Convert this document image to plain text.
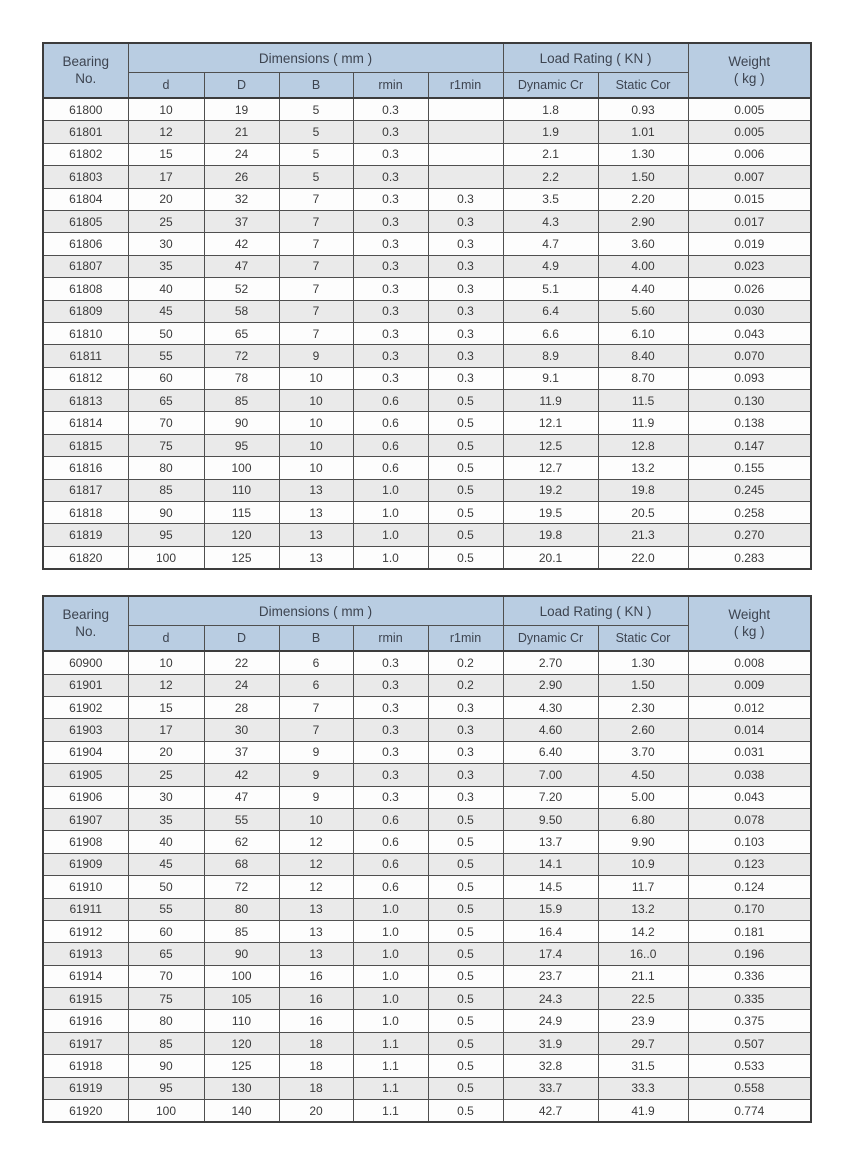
Bearing
No.	Dimensions ( mm )					Load Rating ( KN )		Weight
( kg )
	d	D	B	rmin	r1min	Dynamic Cr	Static Cor	
61800	10	19	5	0.3		1.8	0.93	0.005
61801	12	21	5	0.3		1.9	1.01	0.005
61802	15	24	5	0.3		2.1	1.30	0.006
61803	17	26	5	0.3		2.2	1.50	0.007
61804	20	32	7	0.3	0.3	3.5	2.20	0.015
61805	25	37	7	0.3	0.3	4.3	2.90	0.017
61806	30	42	7	0.3	0.3	4.7	3.60	0.019
61807	35	47	7	0.3	0.3	4.9	4.00	0.023
61808	40	52	7	0.3	0.3	5.1	4.40	0.026
61809	45	58	7	0.3	0.3	6.4	5.60	0.030
61810	50	65	7	0.3	0.3	6.6	6.10	0.043
61811	55	72	9	0.3	0.3	8.9	8.40	0.070
61812	60	78	10	0.3	0.3	9.1	8.70	0.093
61813	65	85	10	0.6	0.5	11.9	11.5	0.130
61814	70	90	10	0.6	0.5	12.1	11.9	0.138
61815	75	95	10	0.6	0.5	12.5	12.8	0.147
61816	80	100	10	0.6	0.5	12.7	13.2	0.155
61817	85	110	13	1.0	0.5	19.2	19.8	0.245
61818	90	115	13	1.0	0.5	19.5	20.5	0.258
61819	95	120	13	1.0	0.5	19.8	21.3	0.270
61820	100	125	13	1.0	0.5	20.1	22.0	0.283
Bearing
No.	Dimensions ( mm )					Load Rating ( KN )		Weight
( kg )
	d	D	B	rmin	r1min	Dynamic Cr	Static Cor	
60900	10	22	6	0.3	0.2	2.70	1.30	0.008
61901	12	24	6	0.3	0.2	2.90	1.50	0.009
61902	15	28	7	0.3	0.3	4.30	2.30	0.012
61903	17	30	7	0.3	0.3	4.60	2.60	0.014
61904	20	37	9	0.3	0.3	6.40	3.70	0.031
61905	25	42	9	0.3	0.3	7.00	4.50	0.038
61906	30	47	9	0.3	0.3	7.20	5.00	0.043
61907	35	55	10	0.6	0.5	9.50	6.80	0.078
61908	40	62	12	0.6	0.5	13.7	9.90	0.103
61909	45	68	12	0.6	0.5	14.1	10.9	0.123
61910	50	72	12	0.6	0.5	14.5	11.7	0.124
61911	55	80	13	1.0	0.5	15.9	13.2	0.170
61912	60	85	13	1.0	0.5	16.4	14.2	0.181
61913	65	90	13	1.0	0.5	17.4	16..0	0.196
61914	70	100	16	1.0	0.5	23.7	21.1	0.336
61915	75	105	16	1.0	0.5	24.3	22.5	0.335
61916	80	110	16	1.0	0.5	24.9	23.9	0.375
61917	85	120	18	1.1	0.5	31.9	29.7	0.507
61918	90	125	18	1.1	0.5	32.8	31.5	0.533
61919	95	130	18	1.1	0.5	33.7	33.3	0.558
61920	100	140	20	1.1	0.5	42.7	41.9	0.774
